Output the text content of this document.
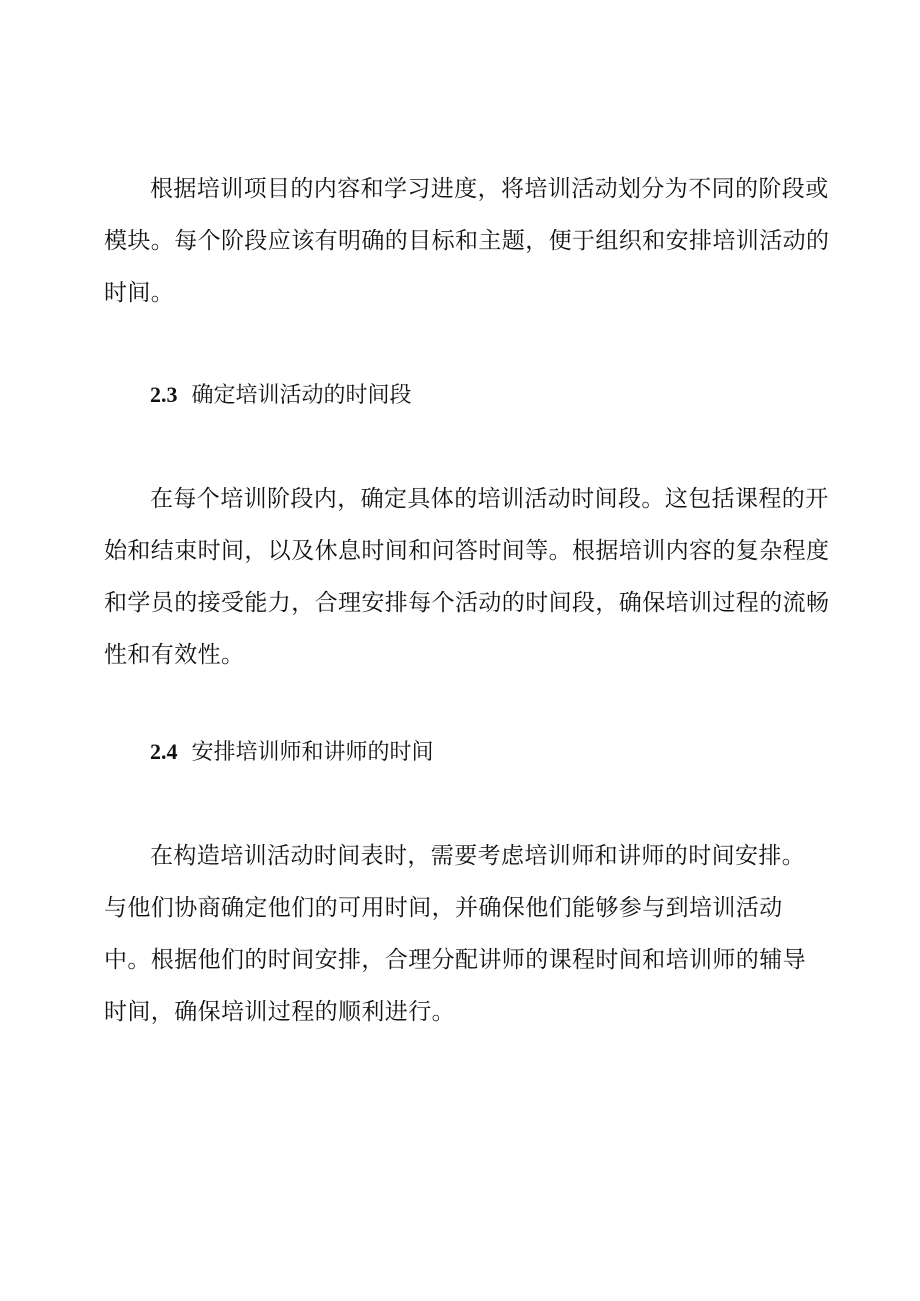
根据培训项目的内容和学习进度，将培训活动划分为不同的阶段或
模块。每个阶段应该有明确的目标和主题，便于组织和安排培训活动的
时间。

2.3 确定培训活动的时间段

在每个培训阶段内，确定具体的培训活动时间段。这包括课程的开
始和结束时间，以及休息时间和问答时间等。根据培训内容的复杂程度
和学员的接受能力，合理安排每个活动的时间段，确保培训过程的流畅
性和有效性。

2.4 安排培训师和讲师的时间

在构造培训活动时间表时，需要考虑培训师和讲师的时间安排。
与他们协商确定他们的可用时间，并确保他们能够参与到培训活动
中。根据他们的时间安排，合理分配讲师的课程时间和培训师的辅导
时间，确保培训过程的顺利进行。
